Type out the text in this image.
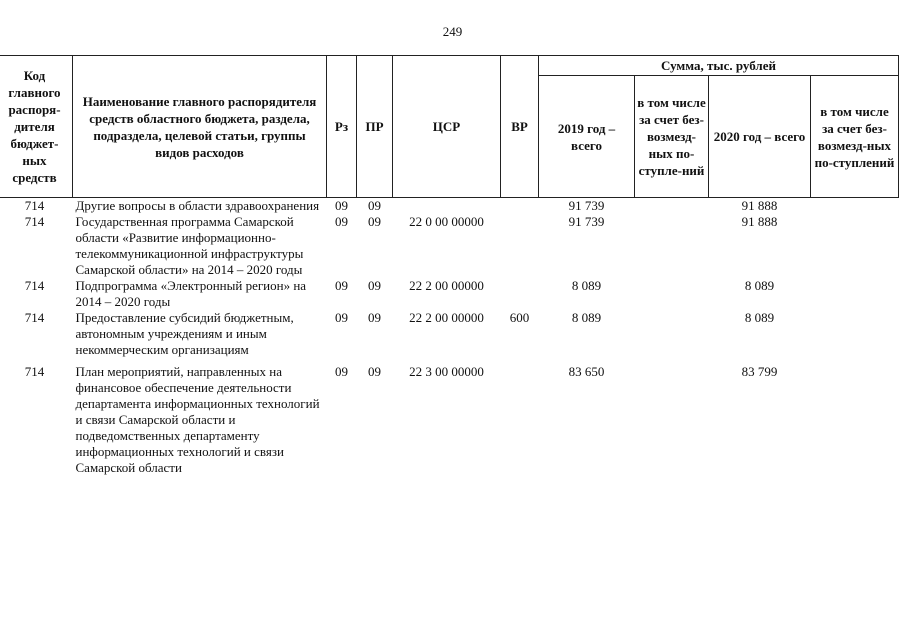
249
Код главного распоря-дителя бюджет-ных средств	Наименование главного распорядителя средств областного бюджета, раздела, подраздела, целевой статьи, группы видов расходов	Рз	ПР	ЦСР	ВР	Сумма, тыс. рублей			
						2019 год – всего	в том числе за счет без-возмезд-ных по-ступле-ний	2020 год – всего	в том числе за счет без-возмезд-ных по-ступлений
714	Другие вопросы в области здравоохранения	09	09			91 739		91 888	
714	Государственная программа Самарской области «Развитие информационно-телекоммуникационной инфраструктуры Самарской области» на 2014 – 2020 годы	09	09	22 0 00 00000		91 739		91 888	
714	Подпрограмма «Электронный регион» на 2014 – 2020 годы	09	09	22 2 00 00000		8 089		8 089	
714	Предоставление субсидий бюджетным, автономным учреждениям и иным некоммерческим организациям	09	09	22 2 00 00000	600	8 089		8 089	

714	План мероприятий, направленных на финансовое обеспечение деятельности департамента информационных технологий и связи Самарской области и подведомственных департаменту информационных технологий и связи Самарской области	09	09	22 3 00 00000		83 650		83 799	
